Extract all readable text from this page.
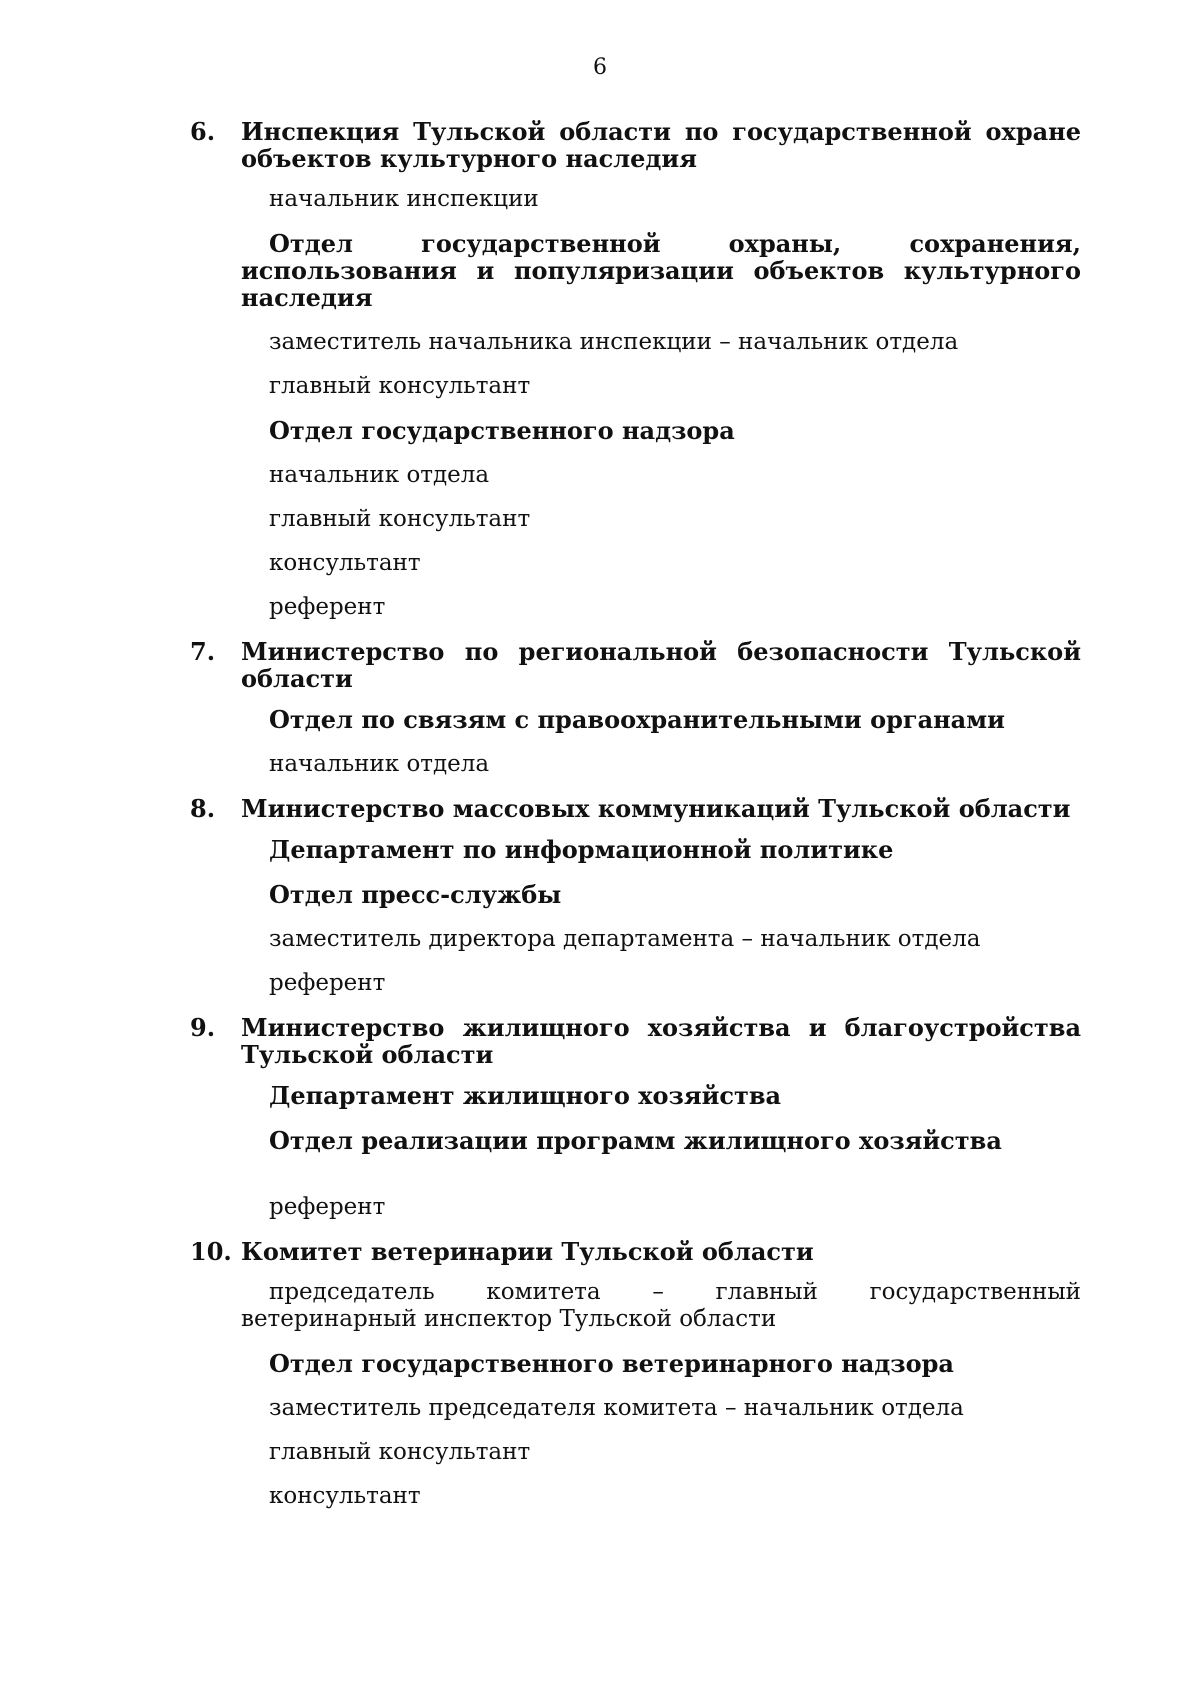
6
6.	Инспекция Тульской области по государственной охране объектов культурного наследия
начальник инспекции
Отдел государственной охраны, сохранения, использования и популяризации объектов культурного наследия
заместитель начальника инспекции – начальник отдела
главный консультант
Отдел государственного надзора
начальник отдела
главный консультант
консультант
референт
7.	Министерство по региональной безопасности Тульской области
Отдел по связям с правоохранительными органами
начальник отдела
8.	Министерство массовых коммуникаций Тульской области
Департамент по информационной политике
Отдел пресс-службы
заместитель директора департамента – начальник отдела
референт
9.	Министерство жилищного хозяйства и благоустройства Тульской области
Департамент жилищного хозяйства
Отдел реализации программ жилищного хозяйства
референт
10. Комитет ветеринарии Тульской области
председатель комитета – главный государственный ветеринарный инспектор Тульской области
Отдел государственного ветеринарного надзора
заместитель председателя комитета – начальник отдела
главный консультант
консультант
